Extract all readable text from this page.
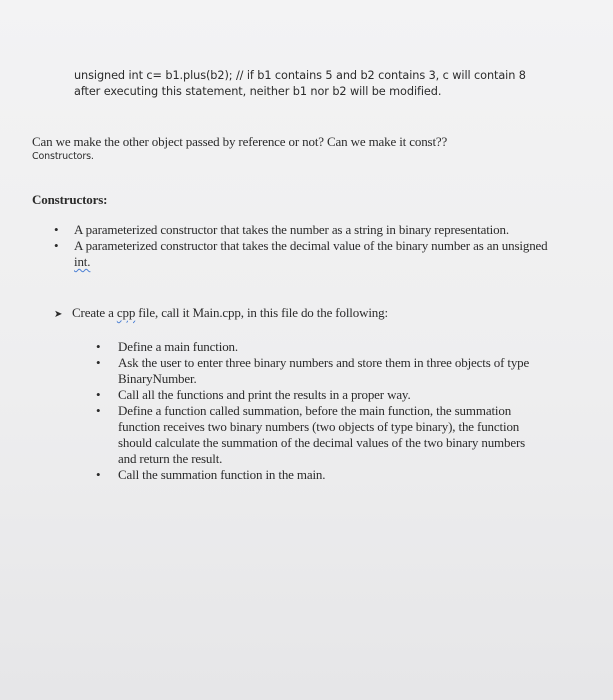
unsigned int c= b1.plus(b2); // if b1 contains 5 and b2 contains 3, c will contain 8
after executing this statement, neither b1 nor b2 will be modified.
Can we make the other object passed by reference or not? Can we make it const??
Constructors.
Constructors:
• A parameterized constructor that takes the number as a string in binary representation.
• A parameterized constructor that takes the decimal value of the binary number as an unsigned int.
➤ Create a cpp file, call it Main.cpp, in this file do the following:
• Define a main function.
• Ask the user to enter three binary numbers and store them in three objects of type BinaryNumber.
• Call all the functions and print the results in a proper way.
• Define a function called summation, before the main function, the summation function receives two binary numbers (two objects of type binary), the function should calculate the summation of the decimal values of the two binary numbers and return the result.
• Call the summation function in the main.
